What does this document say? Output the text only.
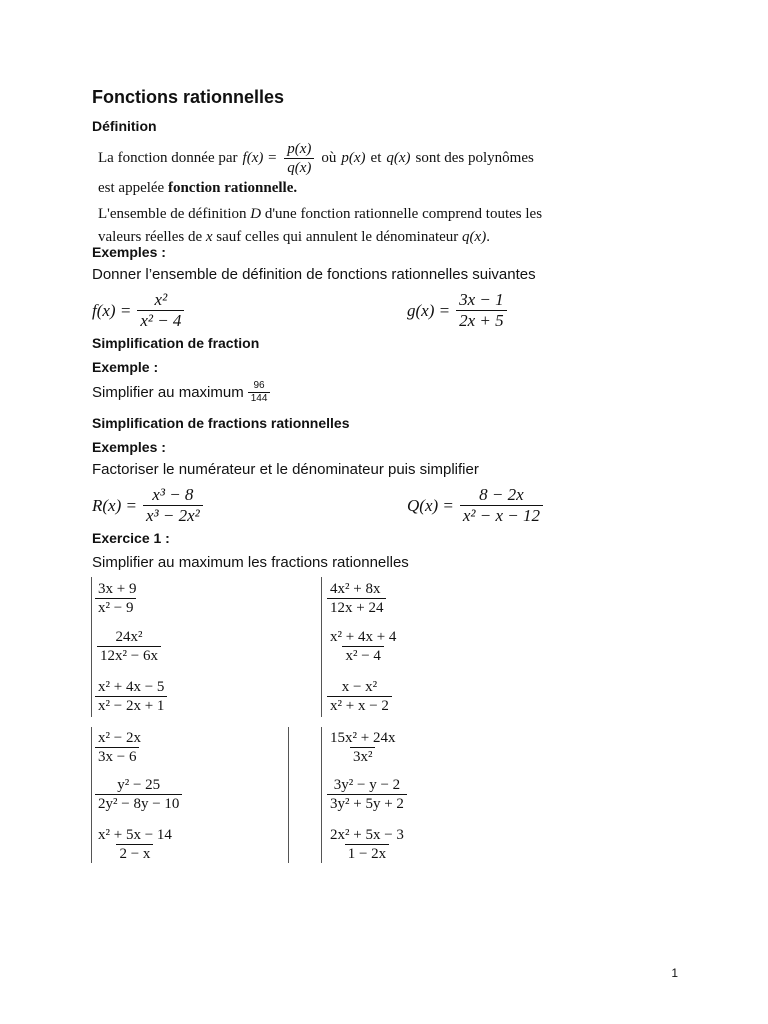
Fonctions rationnelles
Définition

La fonction donnée par $f(x) = \frac{p(x)}{q(x)}$ où p(x) et q(x) sont des polynômes

est appelée fonction rationnelle.

L'ensemble de définition D d'une fonction rationnelle comprend toutes les

valeurs réelles de x sauf celles qui annulent le dénominateur q(x).

Exemples :
Donner l’ensemble de définition de fonctions rationnelles suivantes
$f(x) = \frac{\text{x²}}{\text{x² − 4}}$	$g(x) = \frac{3x - 1}{2x + 5}$
Simplification de fraction
Exemple :
Simplifier au maximum $\frac{96}{144}$
Simplification de fractions rationnelles
Exemples :
Factoriser le numérateur et le dénominateur puis simplifier
$R(x) = \frac{\text{x³ − 8}}{\text{x³ − 2x²}}$	$Q(x) = \frac{8 - 2x}{\text{x² − x − 12}}$
Exercice 1 :
Simplifier au maximum les fractions rationnelles
$\frac{3x + 9}{\text{x² − 9}}$	$\frac{\text{4x² + 8x}}{12x + 24}$
$\frac{\text{24x²}}{\text{12x² − 6x}}$	$\frac{\text{x² + 4x + 4}}{\text{x² − 4}}$
$\frac{\text{x² + 4x − 5}}{\text{x² − 2x + 1}}$	$\frac{\text{x − x²}}{\text{x² + x − 2}}$
$\frac{\text{x² − 2x}}{3x - 6}$	$\frac{\text{15x² + 24x}}{\text{3x²}}$
$\frac{\text{y² − 25}}{\text{2y² − 8y − 10}}$	$\frac{\text{3y² − y − 2}}{\text{3y² + 5y + 2}}$
$\frac{\text{x² + 5x − 14}}{2 - x}$	$\frac{\text{2x² + 5x − 3}}{1 - 2x}$
1
